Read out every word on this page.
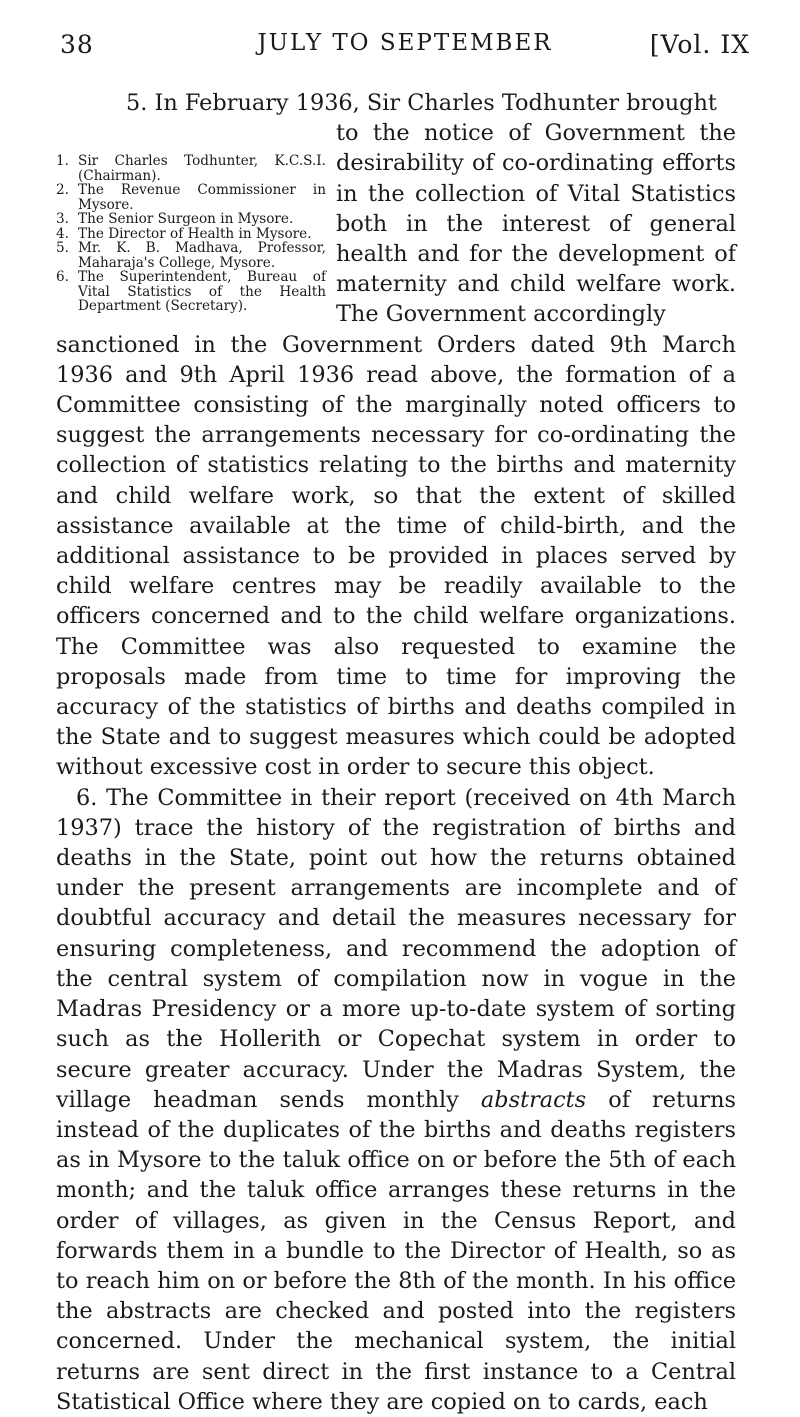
38	JULY TO SEPTEMBER	[Vol. IX
5. In February 1936, Sir Charles Todhunter brought
1. Sir Charles Todhunter, K.C.S.I. (Chairman).
2. The Revenue Commissioner in Mysore.
3. The Senior Surgeon in Mysore.
4. The Director of Health in Mysore.
5. Mr. K. B. Madhava, Professor, Maharaja's College, Mysore.
6. The Superintendent, Bureau of Vital Statistics of the Health Department (Secretary).

to the notice of Government the desirability of co-ordinating efforts in the collection of Vital Statistics both in the interest of general health and for the development of maternity and child welfare work. The Government accordingly

sanctioned in the Government Orders dated 9th March 1936 and 9th April 1936 read above, the formation of a Committee consisting of the marginally noted officers to suggest the arrangements necessary for co-ordinating the collection of statistics relating to the births and maternity and child welfare work, so that the extent of skilled assistance available at the time of child-birth, and the additional assistance to be provided in places served by child welfare centres may be readily available to the officers concerned and to the child welfare organizations. The Committee was also requested to examine the proposals made from time to time for improving the accuracy of the statistics of births and deaths compiled in the State and to suggest measures which could be adopted without excessive cost in order to secure this object.

6. The Committee in their report (received on 4th March 1937) trace the history of the registration of births and deaths in the State, point out how the returns obtained under the present arrangements are incomplete and of doubtful accuracy and detail the measures necessary for ensuring completeness, and recommend the adoption of the central system of compilation now in vogue in the Madras Presidency or a more up-to-date system of sorting such as the Hollerith or Copechat system in order to secure greater accuracy. Under the Madras System, the village headman sends monthly abstracts of returns instead of the duplicates of the births and deaths registers as in Mysore to the taluk office on or before the 5th of each month; and the taluk office arranges these returns in the order of villages, as given in the Census Report, and forwards them in a bundle to the Director of Health, so as to reach him on or before the 8th of the month. In his office the abstracts are checked and posted into the registers concerned. Under the mechanical system, the initial returns are sent direct in the first instance to a Central Statistical Office where they are copied on to cards, each
